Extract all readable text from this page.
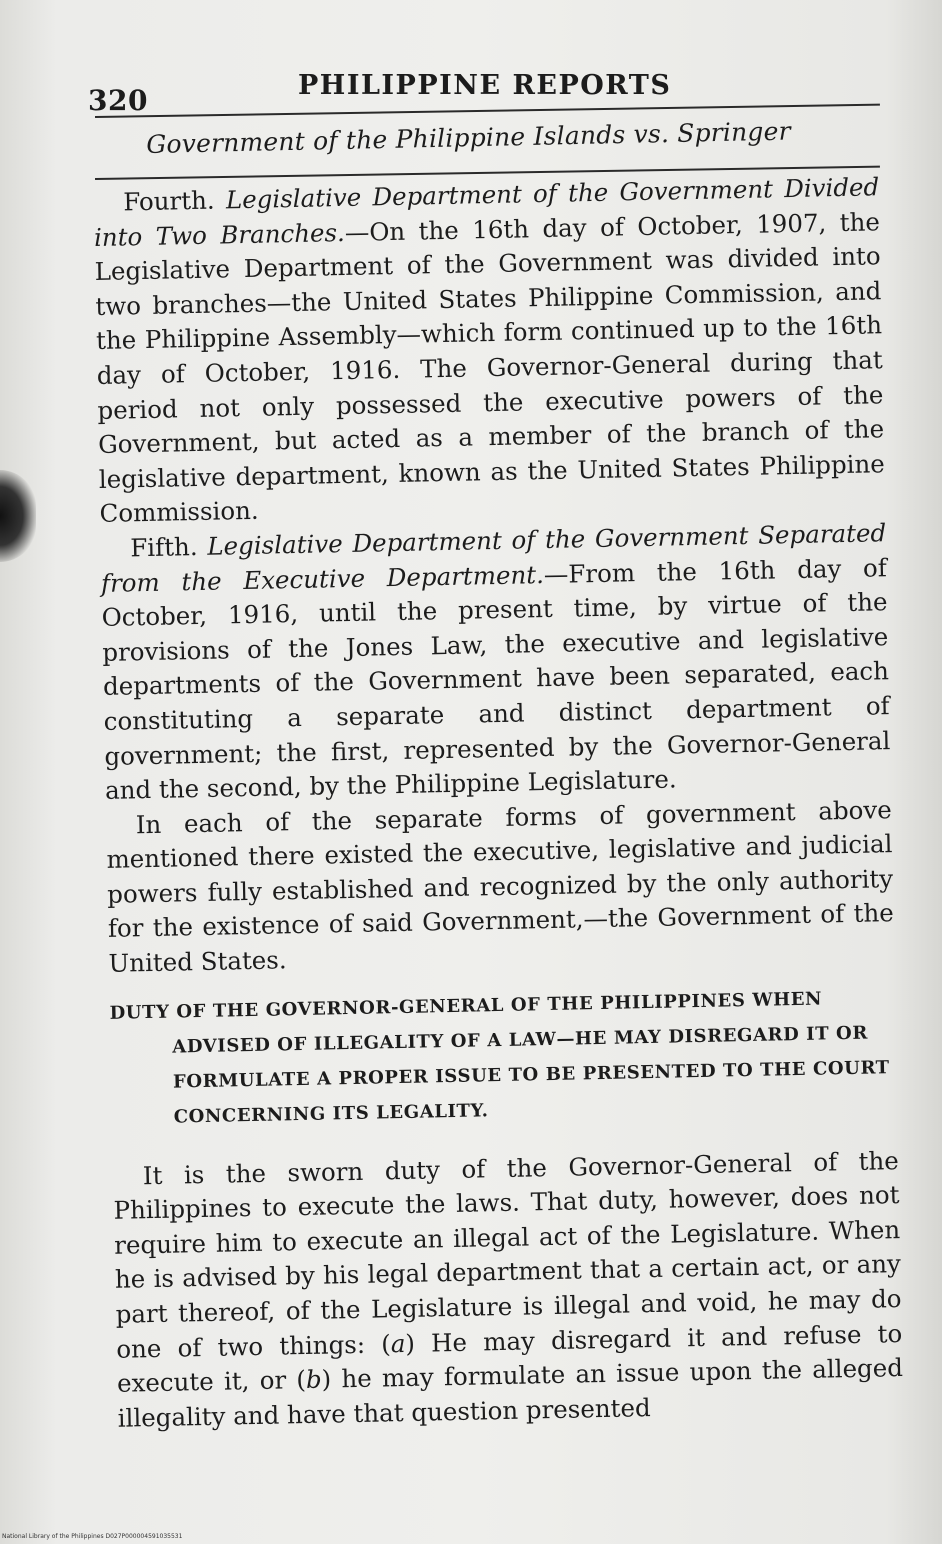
320	PHILIPPINE REPORTS
Government of the Philippine Islands vs. Springer

Fourth. Legislative Department of the Government Divided into Two Branches.—On the 16th day of October, 1907, the Legislative Department of the Government was divided into two branches—the United States Philippine Commission, and the Philippine Assembly—which form continued up to the 16th day of October, 1916. The Governor-General during that period not only possessed the executive powers of the Government, but acted as a member of the branch of the legislative department, known as the United States Philippine Commission.

Fifth. Legislative Department of the Government Separated from the Executive Department.—From the 16th day of October, 1916, until the present time, by virtue of the provisions of the Jones Law, the executive and legislative departments of the Government have been separated, each constituting a separate and distinct department of government; the first, represented by the Governor-General and the second, by the Philippine Legislature.

In each of the separate forms of government above mentioned there existed the executive, legislative and judicial powers fully established and recognized by the only authority for the existence of said Government,—the Government of the United States.

DUTY OF THE GOVERNOR-GENERAL OF THE PHILIPPINES WHEN ADVISED OF ILLEGALITY OF A LAW—HE MAY DISREGARD IT OR FORMULATE A PROPER ISSUE TO BE PRESENTED TO THE COURT CONCERNING ITS LEGALITY.

It is the sworn duty of the Governor-General of the Philippines to execute the laws. That duty, however, does not require him to execute an illegal act of the Legislature. When he is advised by his legal department that a certain act, or any part thereof, of the Legislature is illegal and void, he may do one of two things: (a) He may disregard it and refuse to execute it, or (b) he may formulate an issue upon the alleged illegality and have that question presented

National Library of the Philippines D027P000004591035531
